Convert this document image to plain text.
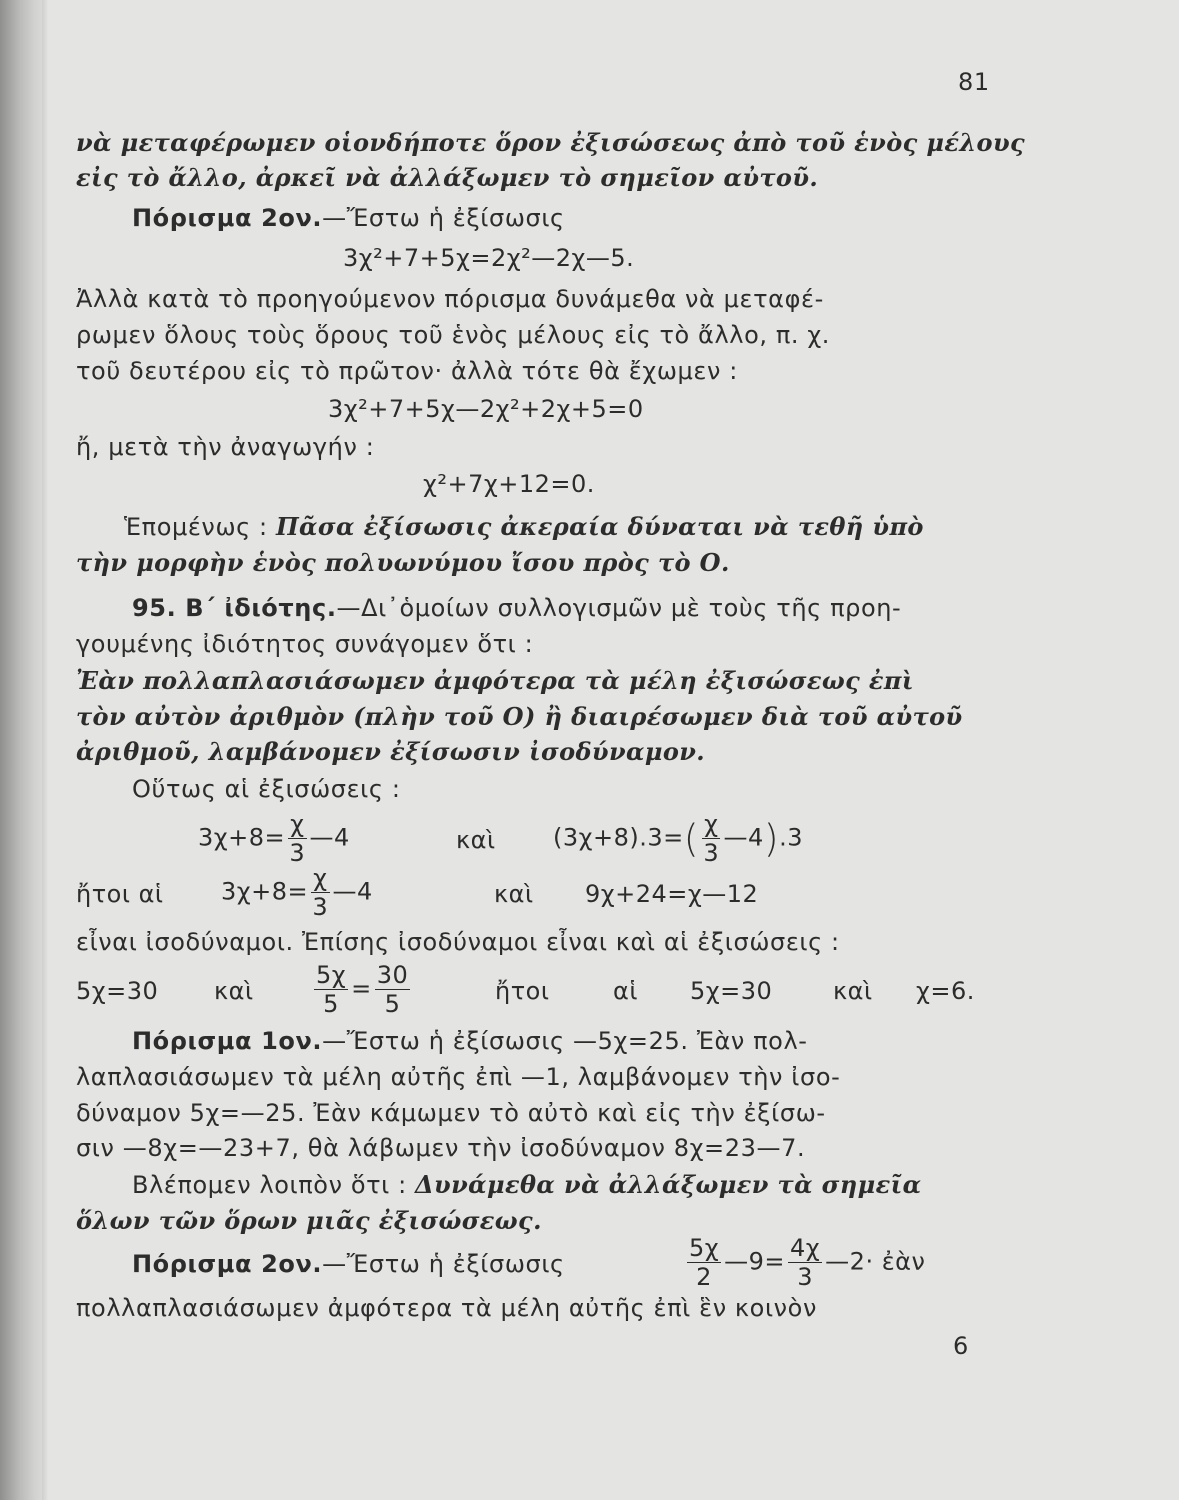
81
νὰ μεταφέρωμεν οἱονδήποτε ὅρον ἐξισώσεως ἀπὸ τοῦ ἑνὸς μέλους
εἰς τὸ ἄλλο, ἀρκεῖ νὰ ἀλλάξωμεν τὸ σημεῖον αὐτοῦ.
Πόρισμα 2ον.—Ἔστω ἡ ἐξίσωσις
3χ²+7+5χ=2χ²—2χ—5.
Ἀλλὰ κατὰ τὸ προηγούμενον πόρισμα δυνάμεθα νὰ μεταφέ-
ρωμεν ὅλους τοὺς ὅρους τοῦ ἑνὸς μέλους εἰς τὸ ἄλλο, π. χ.
τοῦ δευτέρου εἰς τὸ πρῶτον· ἀλλὰ τότε θὰ ἔχωμεν :
3χ²+7+5χ—2χ²+2χ+5=0
ἤ, μετὰ τὴν ἀναγωγήν :
χ²+7χ+12=0.
Ἑπομένως : Πᾶσα ἐξίσωσις ἀκεραία δύναται νὰ τεθῆ ὑπὸ
τὴν μορφὴν ἑνὸς πολυωνύμου ἴσου πρὸς τὸ Ο.
95. Β΄ ἰδιότης.—Δι᾽ὁμοίων συλλογισμῶν μὲ τοὺς τῆς προη-
γουμένης ἰδιότητος συνάγομεν ὅτι :
Ἐὰν πολλαπλασιάσωμεν ἀμφότερα τὰ μέλη ἐξισώσεως ἐπὶ
τὸν αὐτὸν ἀριθμὸν (πλὴν τοῦ Ο) ἢ διαιρέσωμεν διὰ τοῦ αὐτοῦ
ἀριθμοῦ, λαμβάνομεν ἐξίσωσιν ἰσοδύναμον.
Οὕτως αἱ ἐξισώσεις :
$3\chi+8= \frac{\chi}{3}$ —4	καὶ $(3\chi+8).3=( \frac{\chi}{3}$ —4).3
ἤτοι αἱ $3\chi+8= \frac{\chi}{3}$ —4	καὶ 9χ+24=χ—12
εἶναι ἰσοδύναμοι. Ἐπίσης ἰσοδύναμοι εἶναι καὶ αἱ ἐξισώσεις :
5χ=30 καὶ	$\frac{5\chi}{5} = \frac{30}{5}$	ἤτοι	αἱ 5χ=30	καὶ χ=6.
Πόρισμα 1ον.—Ἔστω ἡ ἐξίσωσις —5χ=25. Ἐὰν πολ-
λαπλασιάσωμεν τὰ μέλη αὐτῆς ἐπὶ —1, λαμβάνομεν τὴν ἰσο-
δύναμον 5χ=—25. Ἐὰν κάμωμεν τὸ αὐτὸ καὶ εἰς τὴν ἐξίσω-
σιν —8χ=—23+7, θὰ λάβωμεν τὴν ἰσοδύναμον 8χ=23—7.
Βλέπομεν λοιπὸν ὅτι : Δυνάμεθα νὰ ἀλλάξωμεν τὰ σημεῖα
ὅλων τῶν ὅρων μιᾶς ἐξισώσεως.
Πόρισμα 2ον.—Ἔστω ἡ ἐξίσωσις	$\frac{5\chi}{2}$ —9= $\frac{4\chi}{3}$ —2· ἐὰν
πολλαπλασιάσωμεν ἀμφότερα τὰ μέλη αὐτῆς ἐπὶ ἓν κοινὸν
6
